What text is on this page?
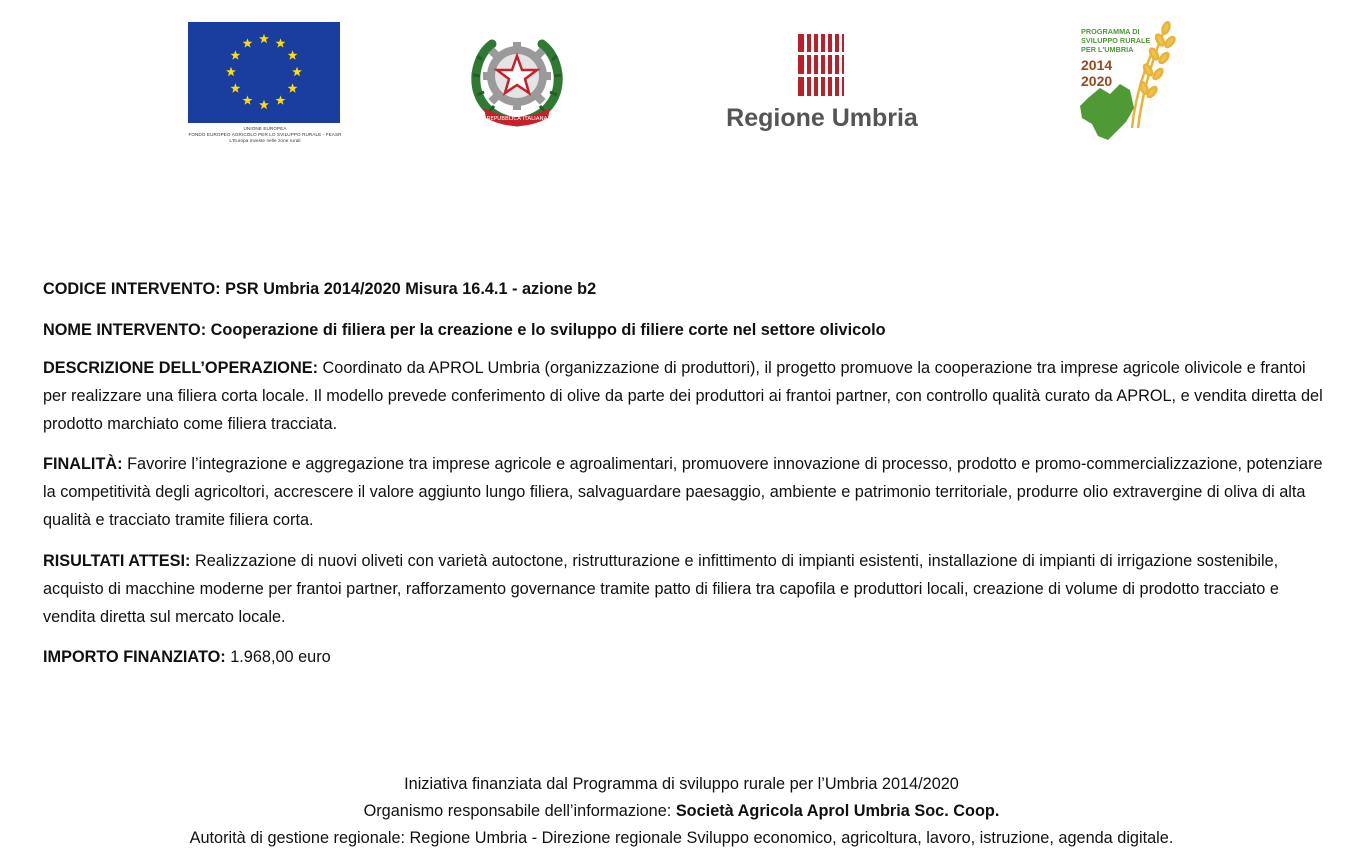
UNIONE EUROPEA
FONDO EUROPEO AGRICOLO PER LO SVILUPPO RURALE - FEASR
L'Europa investe nelle zone rurali
REPUBBLICA ITALIANA	Regione Umbria
PROGRAMMA DI
SVILUPPO RURALE
PER L'UMBRIA
2014
2020

CODICE INTERVENTO: PSR Umbria 2014/2020 Misura 16.4.1 - azione b2

NOME INTERVENTO: Cooperazione di filiera per la creazione e lo sviluppo di filiere corte nel settore olivicolo

DESCRIZIONE DELL’OPERAZIONE: Coordinato da APROL Umbria (organizzazione di produttori), il progetto promuove la cooperazione tra imprese agricole olivicole e frantoi per realizzare una filiera corta locale. Il modello prevede conferimento di olive da parte dei produttori ai frantoi partner, con controllo qualità curato da APROL, e vendita diretta del prodotto marchiato come filiera tracciata.

FINALITÀ: Favorire l’integrazione e aggregazione tra imprese agricole e agroalimentari, promuovere innovazione di processo, prodotto e promo-commercializzazione, potenziare la competitività degli agricoltori, accrescere il valore aggiunto lungo filiera, salvaguardare paesaggio, ambiente e patrimonio territoriale, produrre olio extravergine di oliva di alta qualità e tracciato tramite filiera corta.

RISULTATI ATTESI: Realizzazione di nuovi oliveti con varietà autoctone, ristrutturazione e infittimento di impianti esistenti, installazione di impianti di irrigazione sostenibile, acquisto di macchine moderne per frantoi partner, rafforzamento governance tramite patto di filiera tra capofila e produttori locali, creazione di volume di prodotto tracciato e vendita diretta sul mercato locale.

IMPORTO FINANZIATO: 1.968,00 euro

Iniziativa finanziata dal Programma di sviluppo rurale per l’Umbria 2014/2020
Organismo responsabile dell’informazione: Società Agricola Aprol Umbria Soc. Coop.
Autorità di gestione regionale: Regione Umbria - Direzione regionale Sviluppo economico, agricoltura, lavoro, istruzione, agenda digitale.
